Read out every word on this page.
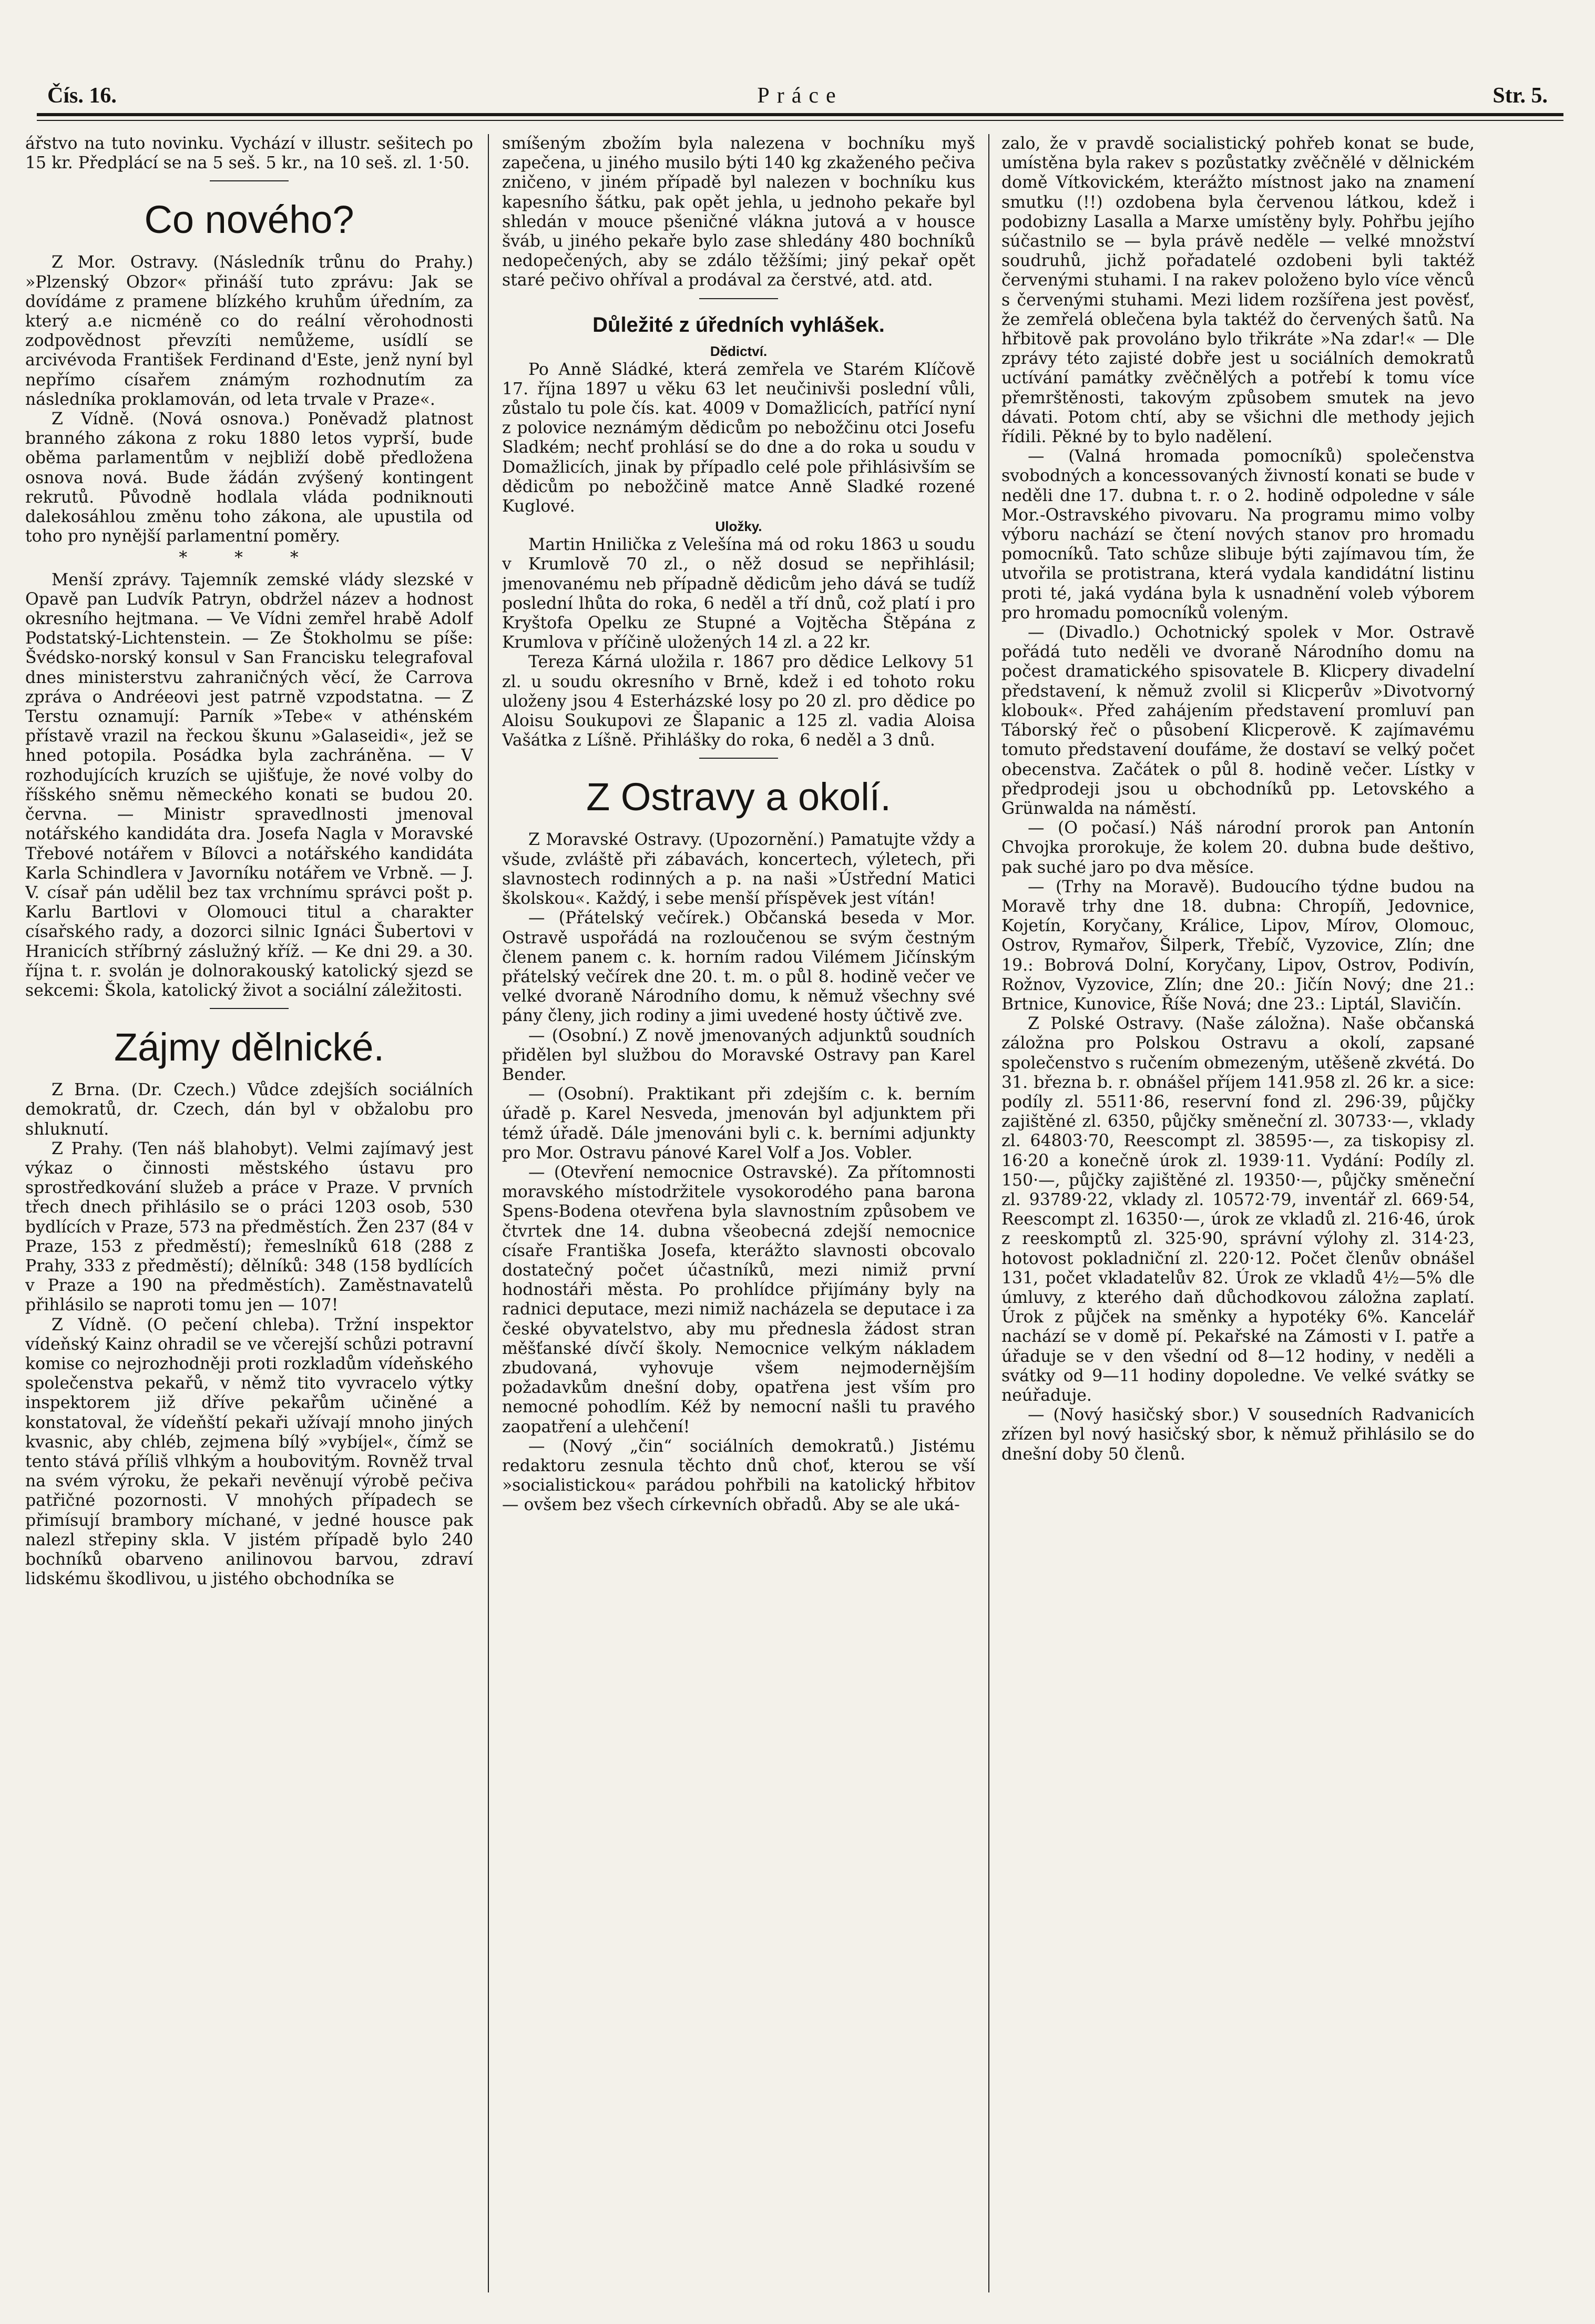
Čís. 16.	Práce	Str. 5.

ářstvo na tuto novinku. Vychází v illustr. sešitech po 15 kr. Předplácí se na 5 seš. 5 kr., na 10 seš. zl. 1·50.

Co nového?

Z Mor. Ostravy. (Následník trůnu do Prahy.) »Plzenský Obzor« přináší tuto zprávu: Jak se dovídáme z pramene blízkého kruhům úředním, za který a.e nicméně co do reální věrohodnosti zodpovědnost převzíti nemůžeme, usídlí se arcivévoda František Ferdinand d'Este, jenž nyní byl nepřímo císařem známým rozhodnutím za následníka proklamován, od leta trvale v Praze«.

Z Vídně. (Nová osnova.) Poněvadž platnost branného zákona z roku 1880 letos vyprší, bude oběma parlamentům v nejbliží době předložena osnova nová. Bude žádán zvýšený kontingent rekrutů. Původně hodlala vláda podniknouti dalekosáhlou změnu toho zákona, ale upustila od toho pro nynější parlamentní poměry.

* * *

Menší zprávy. Tajemník zemské vlády slezské v Opavě pan Ludvík Patryn, obdržel název a hodnost okresního hejtmana. — Ve Vídni zemřel hrabě Adolf Podstatský-Lichtenstein. — Ze Štokholmu se píše: Švédsko-norský konsul v San Francisku telegrafoval dnes ministerstvu zahraničných věcí, že Carrova zpráva o Andréeovi jest patrně vzpodstatna. — Z Terstu oznamují: Parník »Tebe« v athénském přístavě vrazil na řeckou škunu »Galaseidi«, jež se hned potopila. Posádka byla zachráněna. — V rozhodujících kruzích se ujišťuje, že nové volby do říšského sněmu německého konati se budou 20. června. — Ministr spravedlnosti jmenoval notářského kandidáta dra. Josefa Nagla v Moravské Třebové notářem v Bílovci a notářského kandidáta Karla Schindlera v Javorníku notářem ve Vrbně. — J. V. císař pán udělil bez tax vrchnímu správci pošt p. Karlu Bartlovi v Olomouci titul a charakter císařského rady, a dozorci silnic Ignáci Šubertovi v Hranicích stříbrný záslužný kříž. — Ke dni 29. a 30. října t. r. svolán je dolnorakouský katolický sjezd se sekcemi: Škola, katolický život a sociální záležitosti.

Zájmy dělnické.

Z Brna. (Dr. Czech.) Vůdce zdejších sociálních demokratů, dr. Czech, dán byl v obžalobu pro shluknutí.

Z Prahy. (Ten náš blahobyt). Velmi zajímavý jest výkaz o činnosti městského ústavu pro sprostředkování služeb a práce v Praze. V prvních třech dnech přihlásilo se o práci 1203 osob, 530 bydlících v Praze, 573 na předměstích. Žen 237 (84 v Praze, 153 z předměstí); řemeslníků 618 (288 z Prahy, 333 z předměstí); dělníků: 348 (158 bydlících v Praze a 190 na předměstích). Zaměstnavatelů přihlásilo se naproti tomu jen — 107!

Z Vídně. (O pečení chleba). Tržní inspektor vídeňský Kainz ohradil se ve včerejší schůzi potravní komise co nejrozhodněji proti rozkladům vídeňského společenstva pekařů, v němž tito vyvracelo výtky inspektorem již dříve pekařům učiněné a konstatoval, že vídeňští pekaři užívají mnoho jiných kvasnic, aby chléb, zejmena bílý »vybíjel«, čímž se tento stává příliš vlhkým a houbovitým. Rovněž trval na svém výroku, že pekaři nevěnují výrobě pečiva patřičné pozornosti. V mnohých případech se přimísují brambory míchané, v jedné housce pak nalezl střepiny skla. V jistém případě bylo 240 bochníků obarveno anilinovou barvou, zdraví lidskému škodlivou, u jistého obchodníka se

smíšeným zbožím byla nalezena v bochníku myš zapečena, u jiného musilo býti 140 kg zkaženého pečiva zničeno, v jiném případě byl nalezen v bochníku kus kapesního šátku, pak opět jehla, u jednoho pekaře byl shledán v mouce pšeničné vlákna jutová a v housce šváb, u jiného pekaře bylo zase shledány 480 bochníků nedopečených, aby se zdálo těžšími; jiný pekař opět staré pečivo ohříval a prodával za čerstvé, atd. atd.

Důležité z úředních vyhlášek.
Dědictví.

Po Anně Sládké, která zemřela ve Starém Klíčově 17. října 1897 u věku 63 let neučinivši poslední vůli, zůstalo tu pole čís. kat. 4009 v Domažlicích, patřící nyní z polovice neznámým dědicům po nebožčinu otci Josefu Sladkém; nechť prohlásí se do dne a do roka u soudu v Domažlicích, jinak by případlo celé pole přihlásivším se dědicům po nebožčině matce Anně Sladké rozené Kuglové.

Uložky.

Martin Hnilička z Velešína má od roku 1863 u soudu v Krumlově 70 zl., o něž dosud se nepřihlásil; jmenovanému neb případně dědicům jeho dává se tudíž poslední lhůta do roka, 6 neděl a tří dnů, což platí i pro Kryštofa Opelku ze Stupné a Vojtěcha Štěpána z Krumlova v příčině uložených 14 zl. a 22 kr.

Tereza Kárná uložila r. 1867 pro dědice Lelkovy 51 zl. u soudu okresního v Brně, kdež i ed tohoto roku uloženy jsou 4 Esterházské losy po 20 zl. pro dědice po Aloisu Soukupovi ze Šlapanic a 125 zl. vadia Aloisa Vašátka z Líšně. Přihlášky do roka, 6 neděl a 3 dnů.

Z Ostravy a okolí.

Z Moravské Ostravy. (Upozornění.) Pamatujte vždy a všude, zvláště při zábavách, koncertech, výletech, při slavnostech rodinných a p. na naši »Ústřední Matici školskou«. Každý, i sebe menší příspěvek jest vítán!

— (Přátelský večírek.) Občanská beseda v Mor. Ostravě uspořádá na rozloučenou se svým čestným členem panem c. k. horním radou Vilémem Jičínským přátelský večírek dne 20. t. m. o půl 8. hodině večer ve velké dvoraně Národního domu, k němuž všechny své pány členy, jich rodiny a jimi uvedené hosty účtivě zve.

— (Osobní.) Z nově jmenovaných adjunktů soudních přidělen byl službou do Moravské Ostravy pan Karel Bender.

— (Osobní). Praktikant při zdejším c. k. berním úřadě p. Karel Nesveda, jmenován byl adjunktem při témž úřadě. Dále jmenováni byli c. k. berními adjunkty pro Mor. Ostravu pánové Karel Volf a Jos. Vobler.

— (Otevření nemocnice Ostravské). Za přítomnosti moravského místodržitele vysokorodého pana barona Spens-Bodena otevřena byla slavnostním způsobem ve čtvrtek dne 14. dubna všeobecná zdejší nemocnice císaře Františka Josefa, kterážto slavnosti obcovalo dostatečný počet účastníků, mezi nimiž první hodnostáři města. Po prohlídce přijímány byly na radnici deputace, mezi nimiž nacházela se deputace i za české obyvatelstvo, aby mu přednesla žádost stran měšťanské dívčí školy. Nemocnice velkým nákladem zbudovaná, vyhovuje všem nejmodernějším požadavkům dnešní doby, opatřena jest vším pro nemocné pohodlím. Kéž by nemocní našli tu pravého zaopatření a ulehčení!

— (Nový „čin“ sociálních demokratů.) Jistému redaktoru zesnula těchto dnů choť, kterou se vší »socialistickou« parádou pohřbili na katolický hřbitov — ovšem bez všech církevních obřadů. Aby se ale uká-

zalo, že v pravdě socialistický pohřeb konat se bude, umístěna byla rakev s pozůstatky zvěčnělé v dělnickém domě Vítkovickém, kterážto místnost jako na znamení smutku (!!) ozdobena byla červenou látkou, kdež i podobizny Lasalla a Marxe umístěny byly. Pohřbu jejího súčastnilo se — byla právě neděle — velké množství soudruhů, jichž pořadatelé ozdobeni byli taktéž červenými stuhami. I na rakev položeno bylo více věnců s červenými stuhami. Mezi lidem rozšířena jest pověsť, že zemřelá oblečena byla taktéž do červených šatů. Na hřbitově pak provoláno bylo třikráte »Na zdar!« — Dle zprávy této zajisté dobře jest u sociálních demokratů uctívání památky zvěčnělých a potřebí k tomu více přemrštěnosti, takovým způsobem smutek na jevo dávati. Potom chtí, aby se všichni dle methody jejich řídili. Pěkné by to bylo nadělení.

— (Valná hromada pomocníků) společenstva svobodných a koncessovaných živností konati se bude v neděli dne 17. dubna t. r. o 2. hodině odpoledne v sále Mor.-Ostravského pivovaru. Na programu mimo volby výboru nachází se čtení nových stanov pro hromadu pomocníků. Tato schůze slibuje býti zajímavou tím, že utvořila se protistrana, která vydala kandidátní listinu proti té, jaká vydána byla k usnadnění voleb výborem pro hromadu pomocníků voleným.

— (Divadlo.) Ochotnický spolek v Mor. Ostravě pořádá tuto neděli ve dvoraně Národního domu na počest dramatického spisovatele B. Klicpery divadelní představení, k němuž zvolil si Klicperův »Divotvorný klobouk«. Před zahájením představení promluví pan Táborský řeč o působení Klicperově. K zajímavému tomuto představení doufáme, že dostaví se velký počet obecenstva. Začátek o půl 8. hodině večer. Lístky v předprodeji jsou u obchodníků pp. Letovského a Grünwalda na náměstí.

— (O počasí.) Náš národní prorok pan Antonín Chvojka prorokuje, že kolem 20. dubna bude deštivo, pak suché jaro po dva měsíce.

— (Trhy na Moravě). Budoucího týdne budou na Moravě trhy dne 18. dubna: Chropíň, Jedovnice, Kojetín, Koryčany, Králice, Lipov, Mírov, Olomouc, Ostrov, Rymařov, Šilperk, Třebíč, Vyzovice, Zlín; dne 19.: Bobrová Dolní, Koryčany, Lipov, Ostrov, Podivín, Rožnov, Vyzovice, Zlín; dne 20.: Jičín Nový; dne 21.: Brtnice, Kunovice, Říše Nová; dne 23.: Liptál, Slavičín.

Z Polské Ostravy. (Naše záložna). Naše občanská záložna pro Polskou Ostravu a okolí, zapsané společenstvo s ručením obmezeným, utěšeně zkvétá. Do 31. března b. r. obnášel příjem 141.958 zl. 26 kr. a sice: podíly zl. 5511·86, reservní fond zl. 296·39, půjčky zajištěné zl. 6350, půjčky směneční zl. 30733·—, vklady zl. 64803·70, Reescompt zl. 38595·—, za tiskopisy zl. 16·20 a konečně úrok zl. 1939·11. Vydání: Podíly zl. 150·—, půjčky zajištěné zl. 19350·—, půjčky směneční zl. 93789·22, vklady zl. 10572·79, inventář zl. 669·54, Reescompt zl. 16350·—, úrok ze vkladů zl. 216·46, úrok z reeskomptů zl. 325·90, správní výlohy zl. 314·23, hotovost pokladniční zl. 220·12. Počet členův obnášel 131, počet vkladatelův 82. Úrok ze vkladů 4½—5% dle úmluvy, z kterého daň důchodkovou záložna zaplatí. Úrok z půjček na směnky a hypotéky 6%. Kancelář nachází se v domě pí. Pekařské na Zámosti v I. patře a úřaduje se v den všední od 8—12 hodiny, v neděli a svátky od 9—11 hodiny dopoledne. Ve velké svátky se neúřaduje.

— (Nový hasičský sbor.) V sousedních Radvanicích zřízen byl nový hasičský sbor, k němuž přihlásilo se do dnešní doby 50 členů.
